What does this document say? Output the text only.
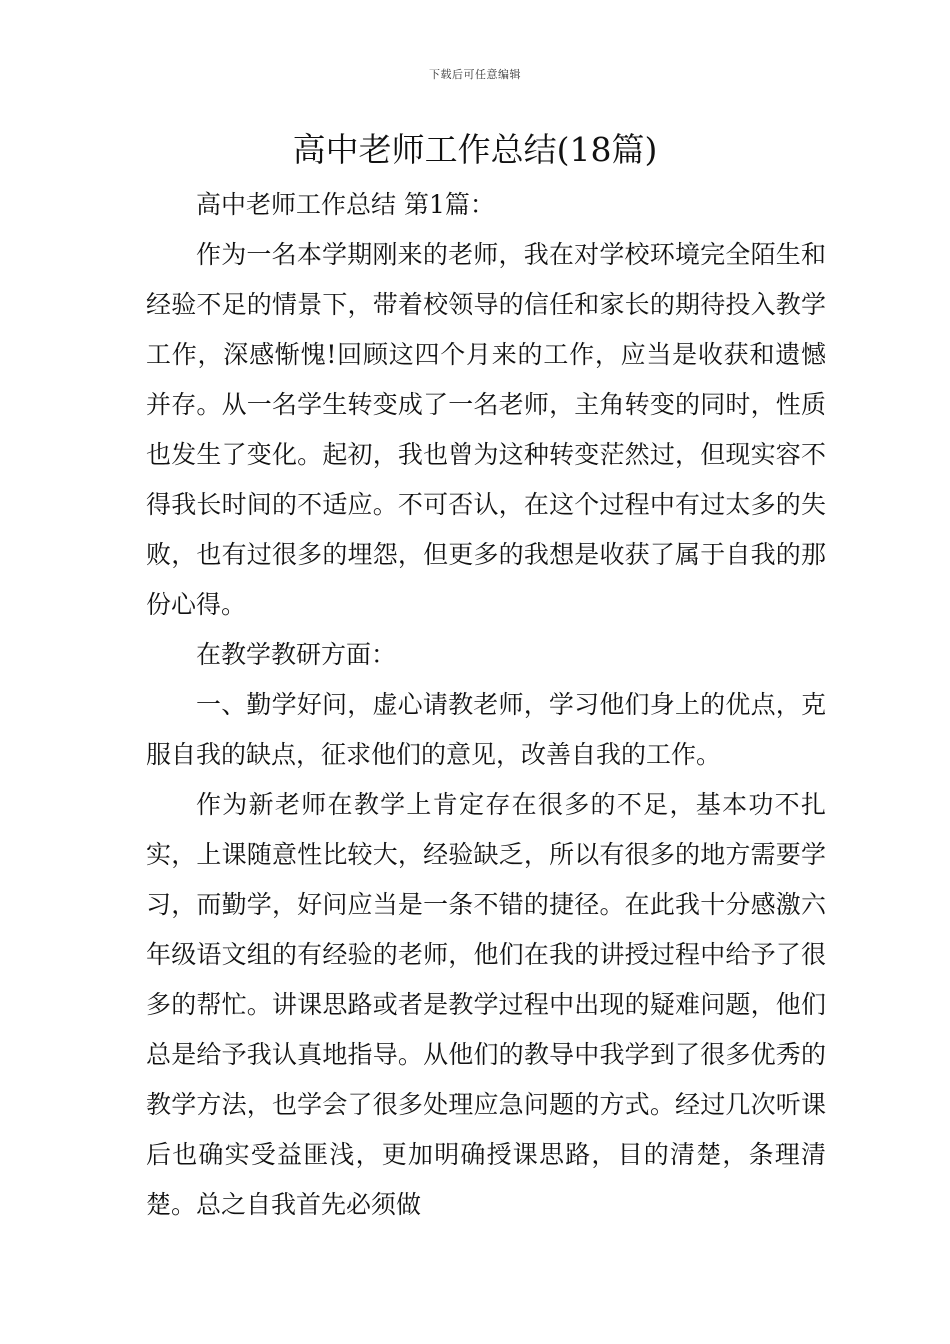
下载后可任意编辑
高中老师工作总结(18篇)

高中老师工作总结 第1篇：

作为一名本学期刚来的老师，我在对学校环境完全陌生和经验不足的情景下，带着校领导的信任和家长的期待投入教学工作，深感惭愧!回顾这四个月来的工作，应当是收获和遗憾并存。从一名学生转变成了一名老师，主角转变的同时，性质也发生了变化。起初，我也曾为这种转变茫然过，但现实容不得我长时间的不适应。不可否认，在这个过程中有过太多的失败，也有过很多的埋怨，但更多的我想是收获了属于自我的那份心得。

在教学教研方面：

一、勤学好问，虚心请教老师，学习他们身上的优点，克服自我的缺点，征求他们的意见，改善自我的工作。

作为新老师在教学上肯定存在很多的不足，基本功不扎实，上课随意性比较大，经验缺乏，所以有很多的地方需要学习，而勤学，好问应当是一条不错的捷径。在此我十分感激六年级语文组的有经验的老师，他们在我的讲授过程中给予了很多的帮忙。讲课思路或者是教学过程中出现的疑难问题，他们总是给予我认真地指导。从他们的教导中我学到了很多优秀的教学方法，也学会了很多处理应急问题的方式。经过几次听课后也确实受益匪浅，更加明确授课思路，目的清楚，条理清楚。总之自我首先必须做
